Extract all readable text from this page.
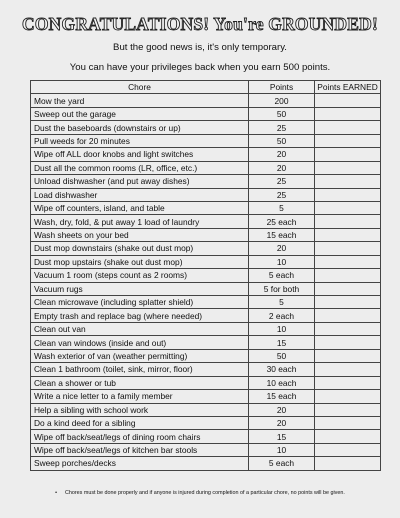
CONGRATULATIONS! You're GROUNDED!
But the good news is, it's only temporary.
You can have your privileges back when you earn 500 points.
Chore	Points	Points EARNED
Mow the yard	200	
Sweep out the garage	50	
Dust the baseboards (downstairs or up)	25	
Pull weeds for 20 minutes	50	
Wipe off ALL door knobs and light switches	20	
Dust all the common rooms (LR, office, etc.)	20	
Unload dishwasher (and put away dishes)	25	
Load dishwasher	25	
Wipe off counters, island, and table	5	
Wash, dry, fold, & put away 1 load of laundry	25 each	
Wash sheets on your bed	15 each	
Dust mop downstairs (shake out dust mop)	20	
Dust mop upstairs (shake out dust mop)	10	
Vacuum 1 room (steps count as 2 rooms)	5 each	
Vacuum rugs	5 for both	
Clean microwave (including splatter shield)	5	
Empty trash and replace bag (where needed)	2 each	
Clean out van	10	
Clean van windows (inside and out)	15	
Wash exterior of van (weather permitting)	50	
Clean 1 bathroom (toilet, sink, mirror, floor)	30 each	
Clean a shower or tub	10 each	
Write a nice letter to a family member	15 each	
Help a sibling with school work	20	
Do a kind deed for a sibling	20	
Wipe off back/seat/legs of dining room chairs	15	
Wipe off back/seat/legs of kitchen bar stools	10	
Sweep porches/decks	5 each	
• Chores must be done properly and if anyone is injured during completion of a particular chore, no points will be given.
